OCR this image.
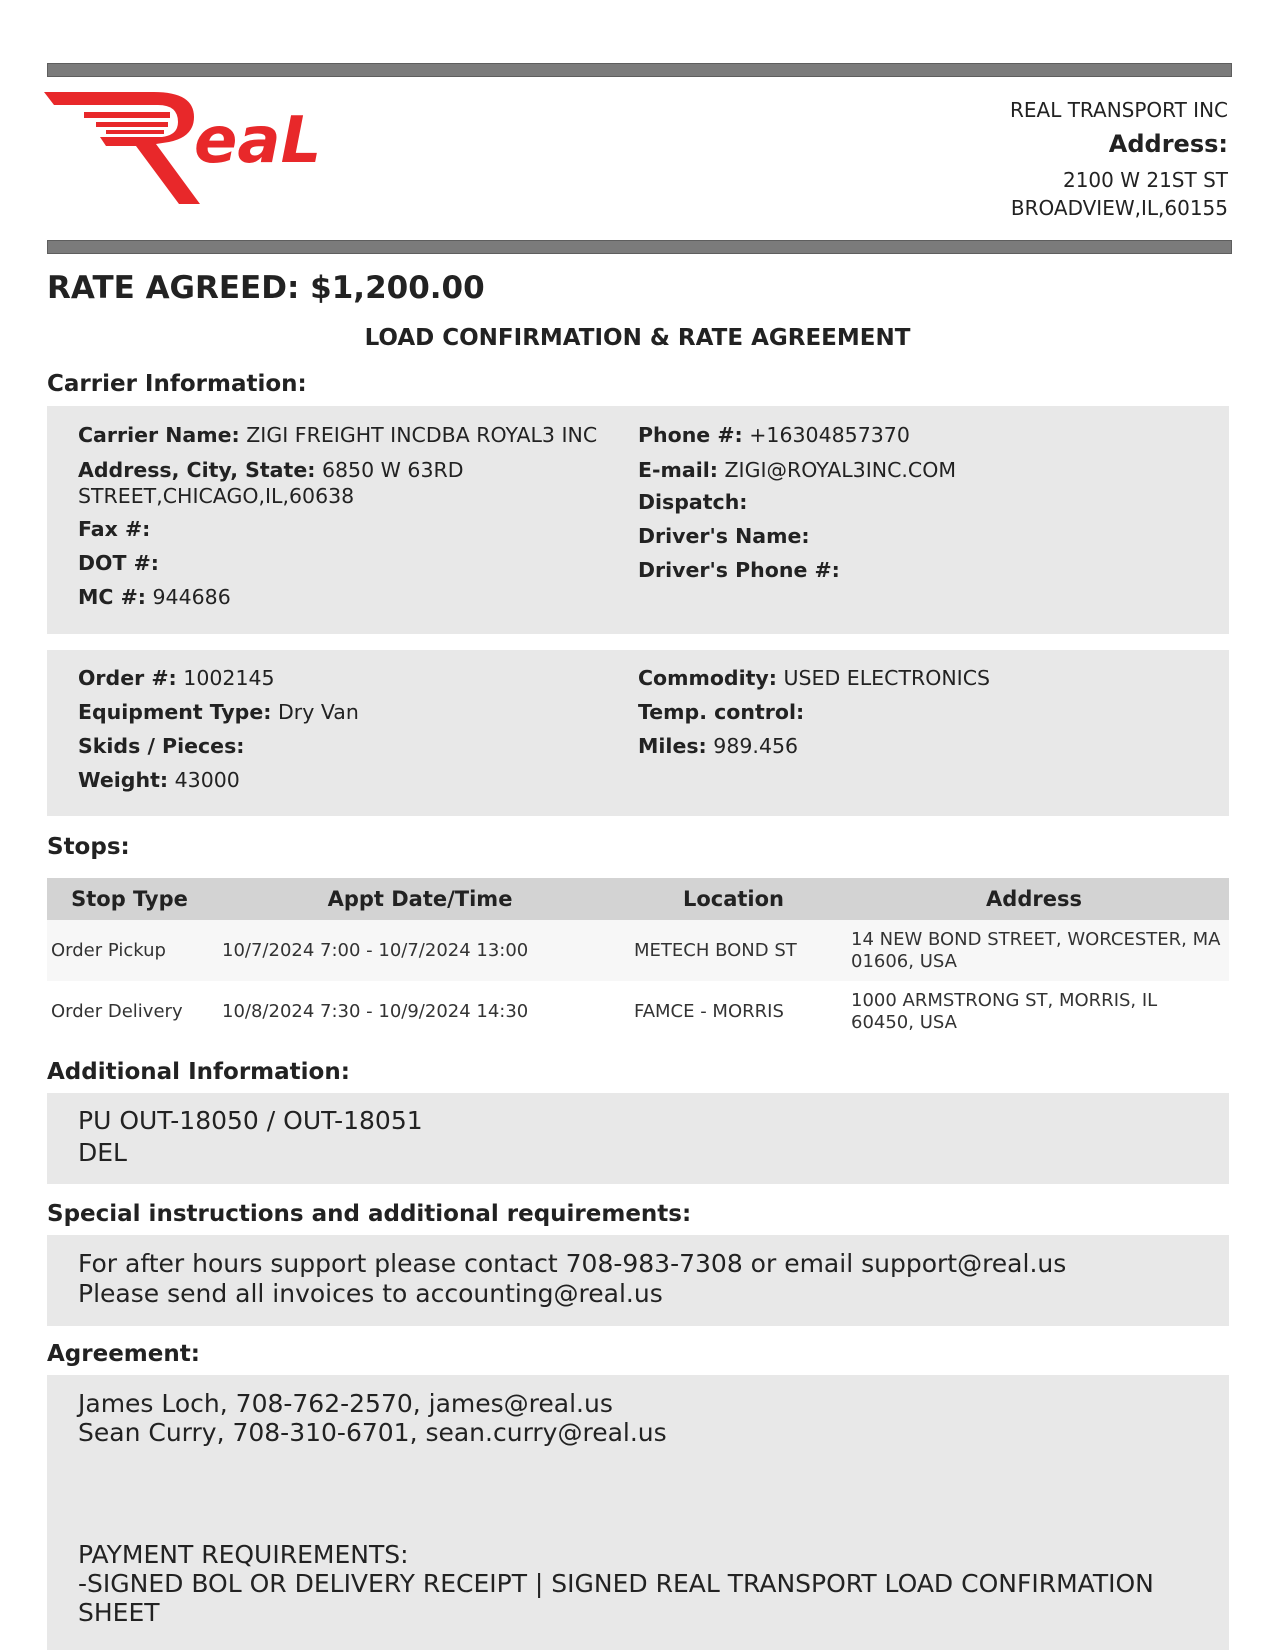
eaL	REAL TRANSPORT INC
Address:
2100 W 21ST ST
BROADVIEW,IL,60155
RATE AGREED: $1,200.00
LOAD CONFIRMATION & RATE AGREEMENT
Carrier Information:
Carrier Name: ZIGI FREIGHT INCDBA ROYAL3 INC
Address, City, State: 6850 W 63RD
STREET,CHICAGO,IL,60638
Fax #:
DOT #:
MC #: 944686
Phone #: +16304857370
E-mail: ZIGI@ROYAL3INC.COM
Dispatch:
Driver's Name:
Driver's Phone #:
Order #: 1002145
Equipment Type: Dry Van
Skids / Pieces:
Weight: 43000
Commodity: USED ELECTRONICS
Temp. control:
Miles: 989.456
Stops:
Stop Type	Appt Date/Time	Location	Address
Order Pickup	10/7/2024 7:00 - 10/7/2024 13:00	METECH BOND ST	14 NEW BOND STREET, WORCESTER, MA 01606, USA
Order Delivery	10/8/2024 7:30 - 10/9/2024 14:30	FAMCE - MORRIS	1000 ARMSTRONG ST, MORRIS, IL 60450, USA
Additional Information:
PU OUT-18050 / OUT-18051
DEL
Special instructions and additional requirements:
For after hours support please contact 708-983-7308 or email support@real.us
Please send all invoices to accounting@real.us
Agreement:
James Loch, 708-762-2570, james@real.us
Sean Curry, 708-310-6701, sean.curry@real.us
PAYMENT REQUIREMENTS:
-SIGNED BOL OR DELIVERY RECEIPT | SIGNED REAL TRANSPORT LOAD CONFIRMATION
SHEET
